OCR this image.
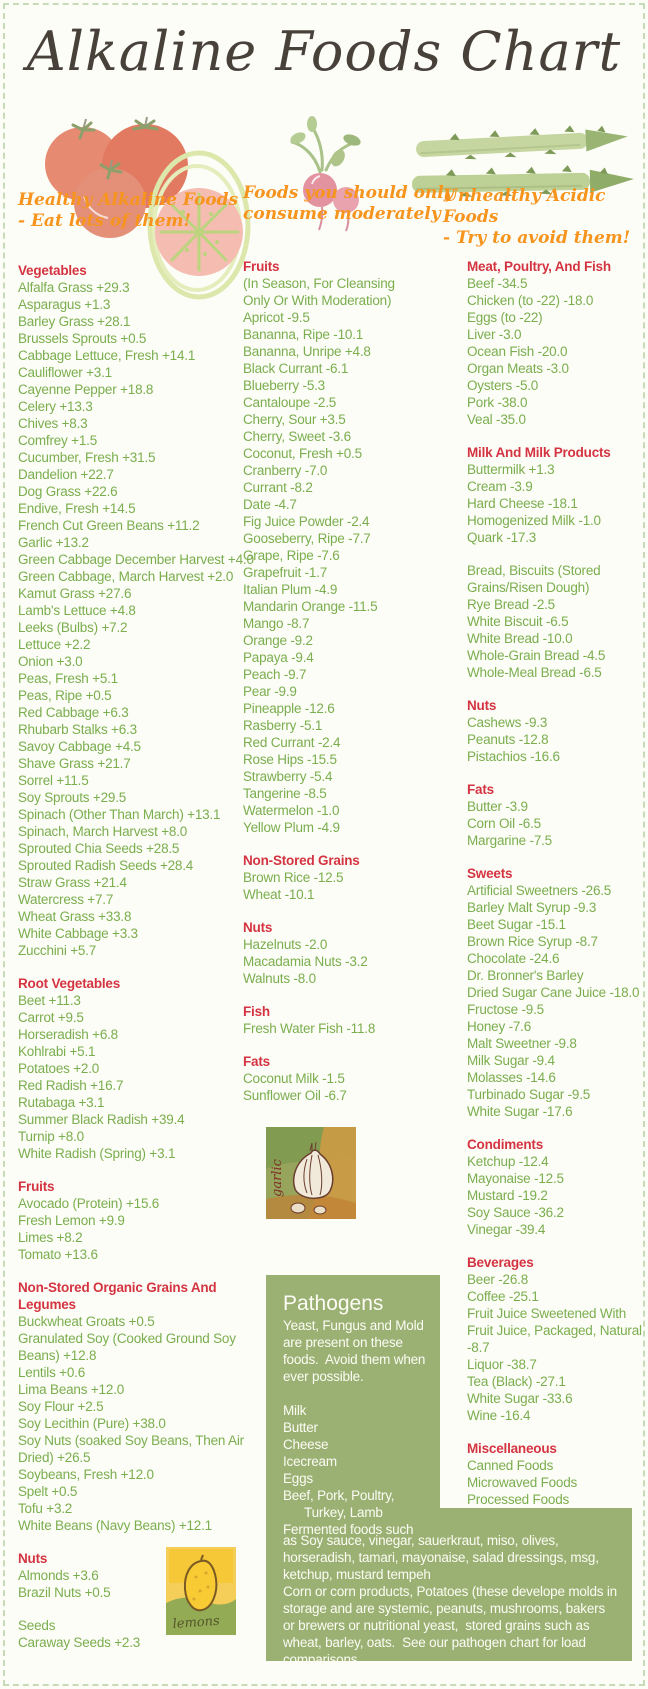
Alkaline Foods Chart
Healthy Alkaline Foods
- Eat lots of them!
Foods you should only
consume moderately
Unhealthy Acidic Foods
- Try to avoid them!
Vegetables
Alfalfa Grass +29.3
Asparagus +1.3
Barley Grass +28.1
Brussels Sprouts +0.5
Cabbage Lettuce, Fresh +14.1
Cauliflower +3.1
Cayenne Pepper +18.8
Celery +13.3
Chives +8.3
Comfrey +1.5
Cucumber, Fresh +31.5
Dandelion +22.7
Dog Grass +22.6
Endive, Fresh +14.5
French Cut Green Beans +11.2
Garlic +13.2
Green Cabbage December Harvest +4.0
Green Cabbage, March Harvest +2.0
Kamut Grass +27.6
Lamb's Lettuce +4.8
Leeks (Bulbs) +7.2
Lettuce +2.2
Onion +3.0
Peas, Fresh +5.1
Peas, Ripe +0.5
Red Cabbage +6.3
Rhubarb Stalks +6.3
Savoy Cabbage +4.5
Shave Grass +21.7
Sorrel +11.5
Soy Sprouts +29.5
Spinach (Other Than March) +13.1
Spinach, March Harvest +8.0
Sprouted Chia Seeds +28.5
Sprouted Radish Seeds +28.4
Straw Grass +21.4
Watercress +7.7
Wheat Grass +33.8
White Cabbage +3.3
Zucchini +5.7
Root Vegetables
Beet +11.3
Carrot +9.5
Horseradish +6.8
Kohlrabi +5.1
Potatoes +2.0
Red Radish +16.7
Rutabaga +3.1
Summer Black Radish +39.4
Turnip +8.0
White Radish (Spring) +3.1
Fruits
Avocado (Protein) +15.6
Fresh Lemon +9.9
Limes +8.2
Tomato +13.6
Non-Stored Organic Grains And Legumes
Buckwheat Groats +0.5
Granulated Soy (Cooked Ground Soy
Beans) +12.8
Lentils +0.6
Lima Beans +12.0
Soy Flour +2.5
Soy Lecithin (Pure) +38.0
Soy Nuts (soaked Soy Beans, Then Air
Dried) +26.5
Soybeans, Fresh +12.0
Spelt +0.5
Tofu +3.2
White Beans (Navy Beans) +12.1
Nuts
Almonds +3.6
Brazil Nuts +0.5
Seeds
Caraway Seeds +2.3
Fruits
(In Season, For Cleansing
Only Or With Moderation)
Apricot -9.5
Bananna, Ripe -10.1
Bananna, Unripe +4.8
Black Currant -6.1
Blueberry -5.3
Cantaloupe -2.5
Cherry, Sour +3.5
Cherry, Sweet -3.6
Coconut, Fresh +0.5
Cranberry -7.0
Currant -8.2
Date -4.7
Fig Juice Powder -2.4
Gooseberry, Ripe -7.7
Grape, Ripe -7.6
Grapefruit -1.7
Italian Plum -4.9
Mandarin Orange -11.5
Mango -8.7
Orange -9.2
Papaya -9.4
Peach -9.7
Pear -9.9
Pineapple -12.6
Rasberry -5.1
Red Currant -2.4
Rose Hips -15.5
Strawberry -5.4
Tangerine -8.5
Watermelon -1.0
Yellow Plum -4.9
Non-Stored Grains
Brown Rice -12.5
Wheat -10.1
Nuts
Hazelnuts -2.0
Macadamia Nuts -3.2
Walnuts -8.0
Fish
Fresh Water Fish -11.8
Fats
Coconut Milk -1.5
Sunflower Oil -6.7
Meat, Poultry, And Fish
Beef -34.5
Chicken (to -22) -18.0
Eggs (to -22)
Liver -3.0
Ocean Fish -20.0
Organ Meats -3.0
Oysters -5.0
Pork -38.0
Veal -35.0
Milk And Milk Products
Buttermilk +1.3
Cream -3.9
Hard Cheese -18.1
Homogenized Milk -1.0
Quark -17.3
Bread, Biscuits (Stored Grains/Risen Dough)
Rye Bread -2.5
White Biscuit -6.5
White Bread -10.0
Whole-Grain Bread -4.5
Whole-Meal Bread -6.5
Nuts
Cashews -9.3
Peanuts -12.8
Pistachios -16.6
Fats
Butter -3.9
Corn Oil -6.5
Margarine -7.5
Sweets
Artificial Sweetners -26.5
Barley Malt Syrup -9.3
Beet Sugar -15.1
Brown Rice Syrup -8.7
Chocolate -24.6
Dr. Bronner's Barley
Dried Sugar Cane Juice -18.0
Fructose -9.5
Honey -7.6
Malt Sweetner -9.8
Milk Sugar -9.4
Molasses -14.6
Turbinado Sugar -9.5
White Sugar -17.6
Condiments
Ketchup -12.4
Mayonaise -12.5
Mustard -19.2
Soy Sauce -36.2
Vinegar -39.4
Beverages
Beer -26.8
Coffee -25.1
Fruit Juice Sweetened With
Fruit Juice, Packaged, Natural
-8.7
Liquor -38.7
Tea (Black) -27.1
White Sugar -33.6
Wine -16.4
Miscellaneous
Canned Foods
Microwaved Foods
Processed Foods
garlic
lemons
Pathogens
Yeast, Fungus and Mold are present on these foods.  Avoid them when ever possible.
Milk
Butter
Cheese
Icecream
Eggs
Beef, Pork, Poultry,
Turkey, Lamb
Fermented foods such
as Soy sauce, vinegar, sauerkraut, miso, olives, horseradish, tamari, mayonaise, salad dressings, msg, ketchup, mustard tempeh
Corn or corn products, Potatoes (these develope molds in storage and are systemic, peanuts, mushrooms, bakers or brewers or nutritional yeast,  stored grains such as wheat, barley, oats.  See our pathogen chart for load comparisons.
